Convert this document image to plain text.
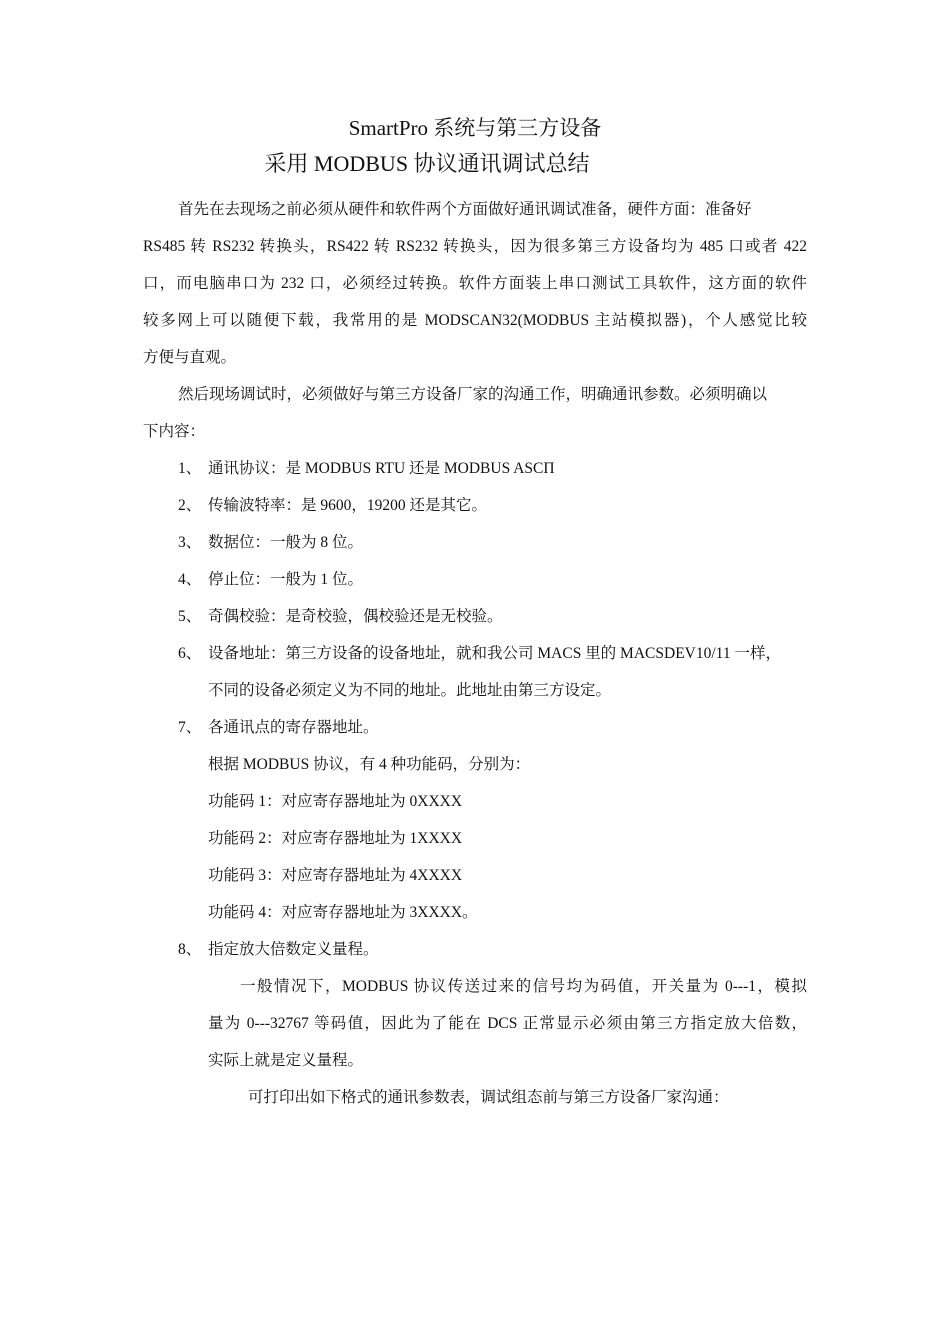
SmartPro 系统与第三方设备
采用 MODBUS 协议通讯调试总结
首先在去现场之前必须从硬件和软件两个方面做好通讯调试准备，硬件方面：准备好
RS485 转 RS232 转换头，RS422 转 RS232 转换头，因为很多第三方设备均为 485 口或者 422
口，而电脑串口为 232 口，必须经过转换。软件方面装上串口测试工具软件，这方面的软件
较多网上可以随便下载，我常用的是 MODSCAN32(MODBUS 主站模拟器)，个人感觉比较
方便与直观。
然后现场调试时，必须做好与第三方设备厂家的沟通工作，明确通讯参数。必须明确以
下内容：
1、 通讯协议：是 MODBUS RTU 还是 MODBUS ASCΠ
2、 传输波特率：是 9600，19200 还是其它。
3、 数据位：一般为 8 位。
4、 停止位：一般为 1 位。
5、 奇偶校验：是奇校验，偶校验还是无校验。
6、 设备地址：第三方设备的设备地址，就和我公司 MACS 里的 MACSDEV10/11 一样，
不同的设备必须定义为不同的地址。此地址由第三方设定。
7、 各通讯点的寄存器地址。
根据 MODBUS 协议，有 4 种功能码，分别为：
功能码 1：对应寄存器地址为 0XXXX
功能码 2：对应寄存器地址为 1XXXX
功能码 3：对应寄存器地址为 4XXXX
功能码 4：对应寄存器地址为 3XXXX。
8、 指定放大倍数定义量程。
一般情况下，MODBUS 协议传送过来的信号均为码值，开关量为 0---1，模拟
量为 0---32767 等码值，因此为了能在 DCS 正常显示必须由第三方指定放大倍数，
实际上就是定义量程。
可打印出如下格式的通讯参数表，调试组态前与第三方设备厂家沟通：
